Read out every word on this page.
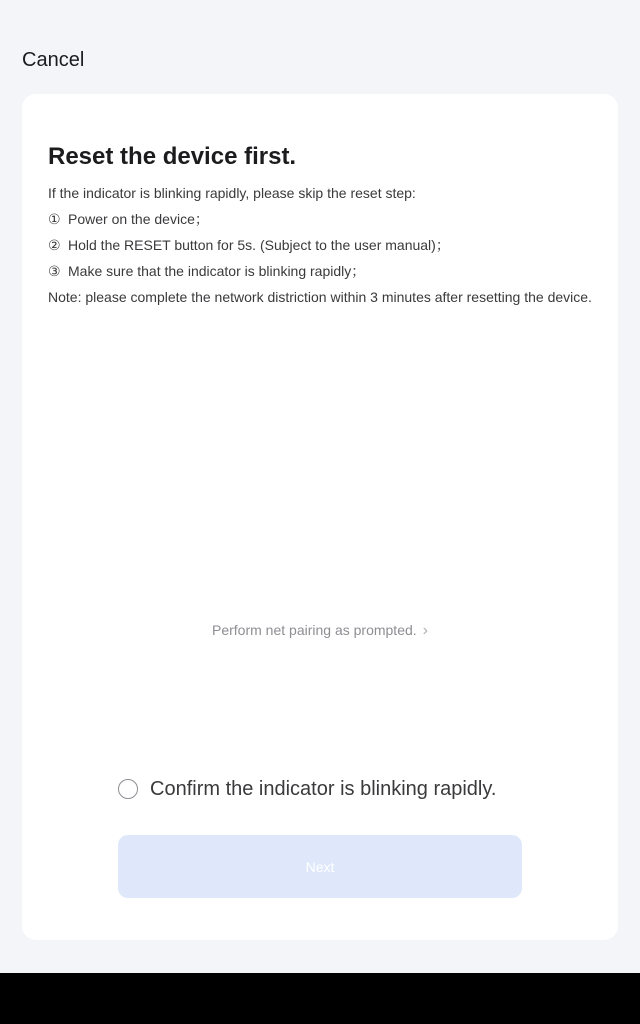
Cancel
Reset the device first.
If the indicator is blinking rapidly, please skip the reset step:
① Power on the device；
② Hold the RESET button for 5s. (Subject to the user manual)；
③ Make sure that the indicator is blinking rapidly；
Note: please complete the network distriction within 3 minutes after resetting the device.
Perform net pairing as prompted. ›
Confirm the indicator is blinking rapidly.
Next
